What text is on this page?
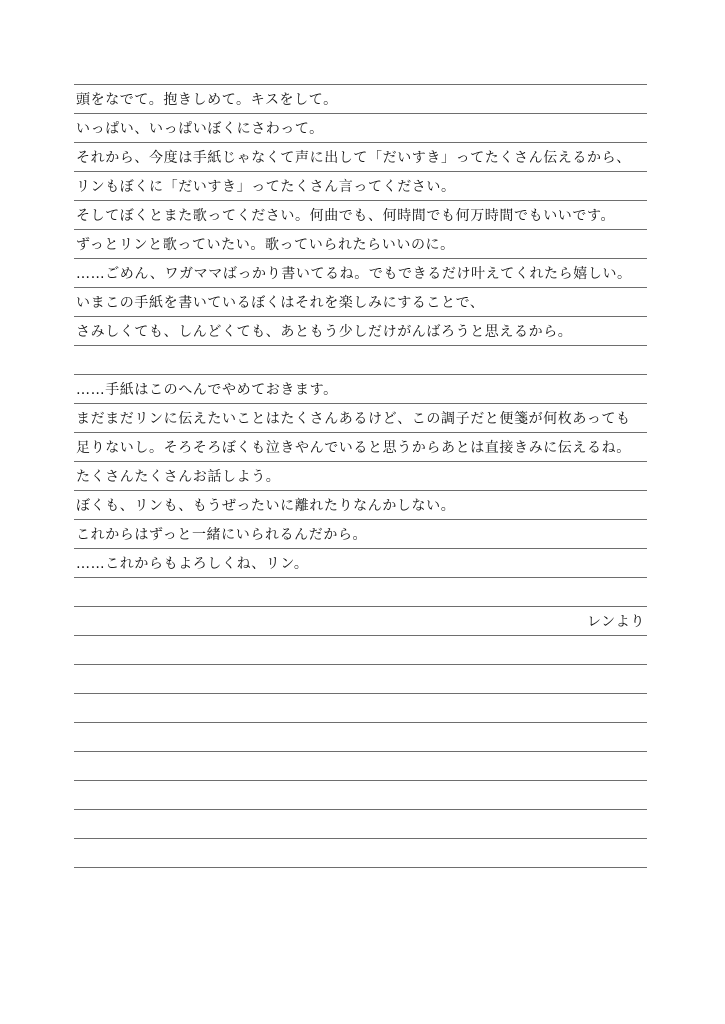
頭をなでて。抱きしめて。キスをして。
いっぱい、いっぱいぼくにさわって。
それから、今度は手紙じゃなくて声に出して「だいすき」ってたくさん伝えるから、
リンもぼくに「だいすき」ってたくさん言ってください。
そしてぼくとまた歌ってください。何曲でも、何時間でも何万時間でもいいです。
ずっとリンと歌っていたい。歌っていられたらいいのに。
……ごめん、ワガママばっかり書いてるね。でもできるだけ叶えてくれたら嬉しい。
いまこの手紙を書いているぼくはそれを楽しみにすることで、
さみしくても、しんどくても、あともう少しだけがんばろうと思えるから。
……手紙はこのへんでやめておきます。
まだまだリンに伝えたいことはたくさんあるけど、この調子だと便箋が何枚あっても
足りないし。そろそろぼくも泣きやんでいると思うからあとは直接きみに伝えるね。
たくさんたくさんお話しよう。
ぼくも、リンも、もうぜったいに離れたりなんかしない。
これからはずっと一緒にいられるんだから。
……これからもよろしくね、リン。
レンより
